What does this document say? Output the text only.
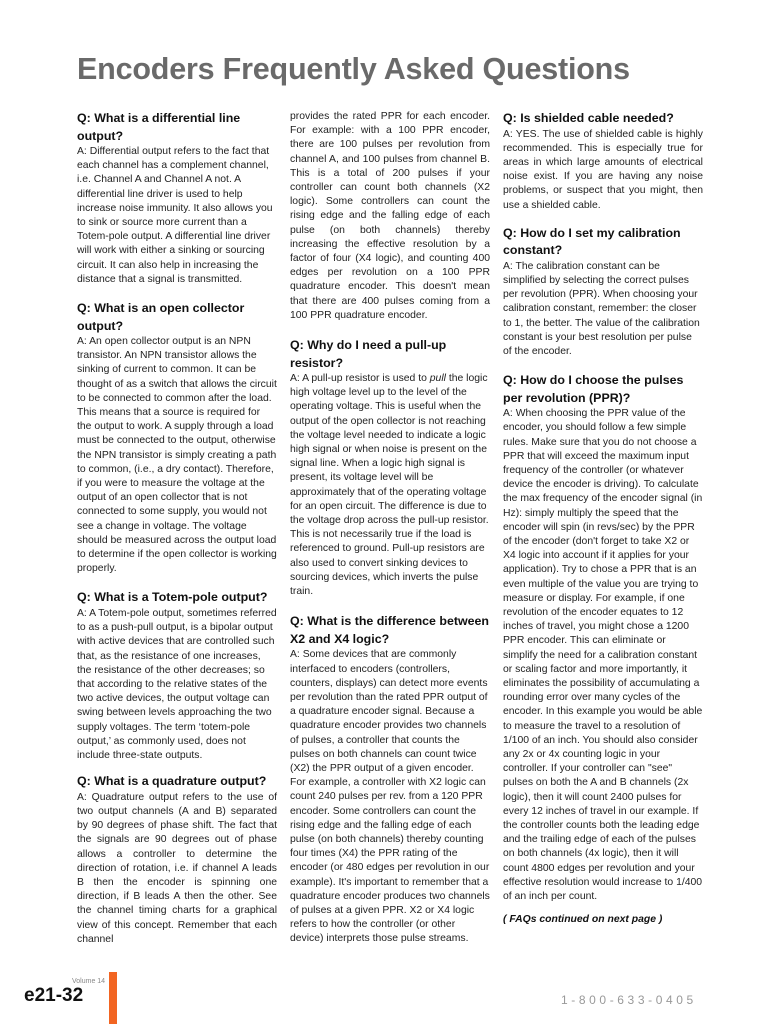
Encoders Frequently Asked Questions

Q: What is a differential line output?

A: Differential output refers to the fact that each channel has a complement channel, i.e. Channel A and Channel A not. A differential line driver is used to help increase noise immunity. It also allows you to sink or source more current than a Totem-pole output. A differential line driver will work with either a sinking or sourcing circuit. It can also help in increasing the distance that a signal is transmitted.

Q: What is an open collector output?

A: An open collector output is an NPN transistor. An NPN transistor allows the sinking of current to common. It can be thought of as a switch that allows the circuit to be connected to common after the load. This means that a source is required for the output to work. A supply through a load must be connected to the output, otherwise the NPN transistor is simply creating a path to common, (i.e., a dry contact). Therefore, if you were to measure the voltage at the output of an open collector that is not connected to some supply, you would not see a change in voltage. The voltage should be measured across the output load to determine if the open collector is working properly.

Q: What is a Totem-pole output?

A: A Totem-pole output, sometimes referred to as a push-pull output, is a bipolar output with active devices that are controlled such that, as the resistance of one increases, the resistance of the other decreases; so that according to the relative states of the two active devices, the output voltage can swing between levels approaching the two supply voltages. The term ‘totem-pole output,’ as commonly used, does not include three-state outputs.

Q: What is a quadrature output?

A: Quadrature output refers to the use of two output channels (A and B) separated by 90 degrees of phase shift. The fact that the signals are 90 degrees out of phase allows a controller to determine the direction of rotation, i.e. if channel A leads B then the encoder is spinning one direction, if B leads A then the other. See the channel timing charts for a graphical view of this concept. Remember that each channel

provides the rated PPR for each encoder. For example: with a 100 PPR encoder, there are 100 pulses per revolution from channel A, and 100 pulses from channel B. This is a total of 200 pulses if your controller can count both channels (X2 logic). Some controllers can count the rising edge and the falling edge of each pulse (on both channels) thereby increasing the effective resolution by a factor of four (X4 logic), and counting 400 edges per revolution on a 100 PPR quadrature encoder. This doesn't mean that there are 400 pulses coming from a 100 PPR quadrature encoder.

Q: Why do I need a pull-up resistor?

A: A pull-up resistor is used to pull the logic high voltage level up to the level of the operating voltage. This is useful when the output of the open collector is not reaching the voltage level needed to indicate a logic high signal or when noise is present on the signal line. When a logic high signal is present, its voltage level will be approximately that of the operating voltage for an open circuit. The difference is due to the voltage drop across the pull-up resistor. This is not necessarily true if the load is referenced to ground. Pull-up resistors are also used to convert sinking devices to sourcing devices, which inverts the pulse train.

Q: What is the difference between X2 and X4 logic?

A: Some devices that are commonly interfaced to encoders (controllers, counters, displays) can detect more events per revolution than the rated PPR output of a quadrature encoder signal. Because a quadrature encoder provides two channels of pulses, a controller that counts the pulses on both channels can count twice (X2) the PPR output of a given encoder. For example, a controller with X2 logic can count 240 pulses per rev. from a 120 PPR encoder. Some controllers can count the rising edge and the falling edge of each pulse (on both channels) thereby counting four times (X4) the PPR rating of the encoder (or 480 edges per revolution in our example). It's important to remember that a quadrature encoder produces two channels of pulses at a given PPR. X2 or X4 logic refers to how the controller (or other device) interprets those pulse streams.

Q: Is shielded cable needed?

A: YES. The use of shielded cable is highly recommended. This is especially true for areas in which large amounts of electrical noise exist. If you are having any noise problems, or suspect that you might, then use a shielded cable.

Q: How do I set my calibration constant?

A: The calibration constant can be simplified by selecting the correct pulses per revolution (PPR). When choosing your calibration constant, remember: the closer to 1, the better. The value of the calibration constant is your best resolution per pulse of the encoder.

Q: How do I choose the pulses per revolution (PPR)?

A: When choosing the PPR value of the encoder, you should follow a few simple rules. Make sure that you do not choose a PPR that will exceed the maximum input frequency of the controller (or whatever device the encoder is driving). To calculate the max frequency of the encoder signal (in Hz): simply multiply the speed that the encoder will spin (in revs/sec) by the PPR of the encoder (don't forget to take X2 or X4 logic into account if it applies for your application). Try to chose a PPR that is an even multiple of the value you are trying to measure or display. For example, if one revolution of the encoder equates to 12 inches of travel, you might chose a 1200 PPR encoder. This can eliminate or simplify the need for a calibration constant or scaling factor and more importantly, it eliminates the possibility of accumulating a rounding error over many cycles of the encoder. In this example you would be able to measure the travel to a resolution of 1/100 of an inch. You should also consider any 2x or 4x counting logic in your controller. If your controller can "see" pulses on both the A and B channels (2x logic), then it will count 2400 pulses for every 12 inches of travel in our example. If the controller counts both the leading edge and the trailing edge of each of the pulses on both channels (4x logic), then it will count 4800 edges per revolution and your effective resolution would increase to 1/400 of an inch per count.

( FAQs continued on next page )

Volume 14
e21-32	1-800-633-0405
